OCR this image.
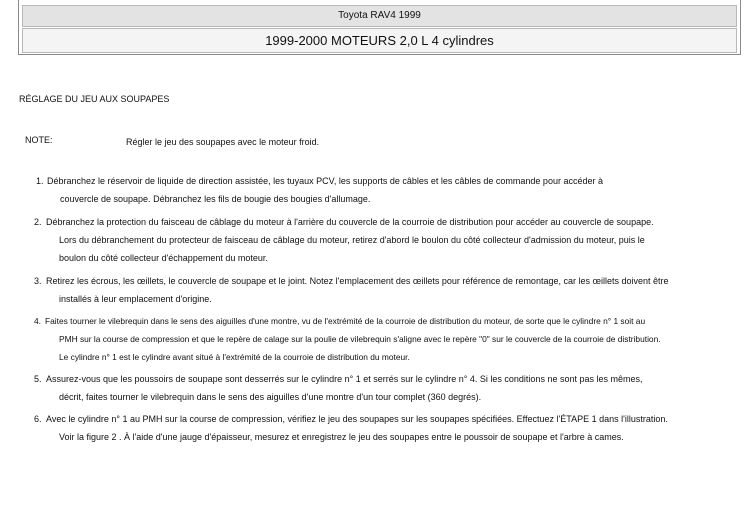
Toyota RAV4 1999
1999-2000 MOTEURS 2,0 L 4 cylindres
RÉGLAGE DU JEU AUX SOUPAPES
NOTE:	Régler le jeu des soupapes avec le moteur froid.
1. Débranchez le réservoir de liquide de direction assistée, les tuyaux PCV, les supports de câbles et les câbles de commande pour accéder à
couvercle de soupape. Débranchez les fils de bougie des bougies d'allumage.
2. Débranchez la protection du faisceau de câblage du moteur à l'arrière du couvercle de la courroie de distribution pour accéder au couvercle de soupape.
Lors du débranchement du protecteur de faisceau de câblage du moteur, retirez d'abord le boulon du côté collecteur d'admission du moteur, puis le
boulon du côté collecteur d'échappement du moteur.
3. Retirez les écrous, les œillets, le couvercle de soupape et le joint. Notez l'emplacement des œillets pour référence de remontage, car les œillets doivent être
installés à leur emplacement d'origine.
4. Faites tourner le vilebrequin dans le sens des aiguilles d'une montre, vu de l'extrémité de la courroie de distribution du moteur, de sorte que le cylindre n° 1 soit au
PMH sur la course de compression et que le repère de calage sur la poulie de vilebrequin s'aligne avec le repère "0" sur le couvercle de la courroie de distribution.
Le cylindre n° 1 est le cylindre avant situé à l'extrémité de la courroie de distribution du moteur.
5. Assurez-vous que les poussoirs de soupape sont desserrés sur le cylindre n° 1 et serrés sur le cylindre n° 4. Si les conditions ne sont pas les mêmes,
décrit, faites tourner le vilebrequin dans le sens des aiguilles d'une montre d'un tour complet (360 degrés).
6. Avec le cylindre n° 1 au PMH sur la course de compression, vérifiez le jeu des soupapes sur les soupapes spécifiées. Effectuez l'ÉTAPE 1 dans l'illustration.
Voir la figure 2 . À l'aide d'une jauge d'épaisseur, mesurez et enregistrez le jeu des soupapes entre le poussoir de soupape et l'arbre à cames.
